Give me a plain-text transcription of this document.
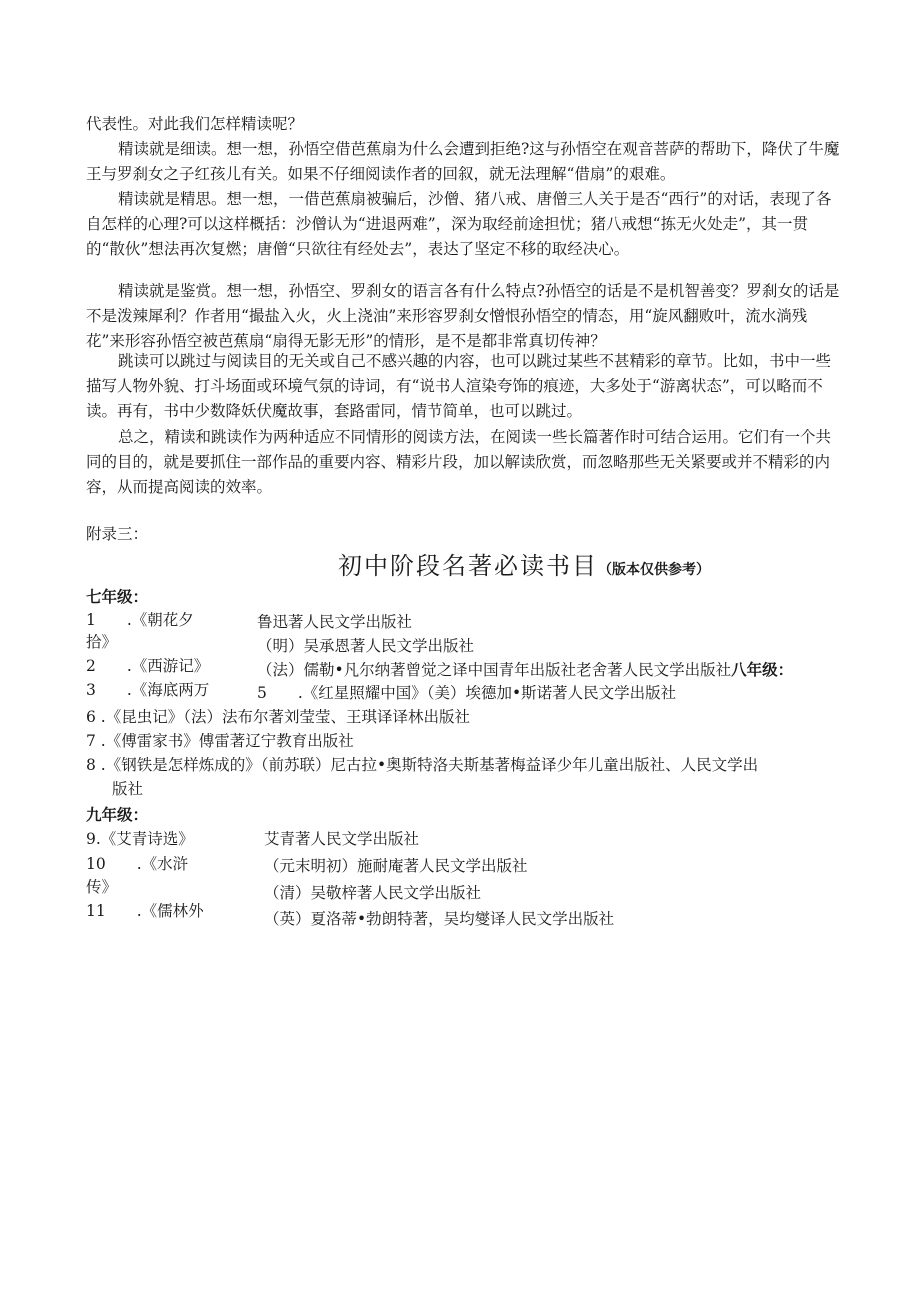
代表性。对此我们怎样精读呢？

精读就是细读。想一想，孙悟空借芭蕉扇为什么会遭到拒绝?这与孙悟空在观音菩萨的帮助下，降伏了牛魔王与罗刹女之子红孩儿有关。如果不仔细阅读作者的回叙，就无法理解“借扇”的艰难。

精读就是精思。想一想，一借芭蕉扇被骗后，沙僧、猪八戒、唐僧三人关于是否“西行”的对话，表现了各自怎样的心理?可以这样概括：沙僧认为“进退两难”，深为取经前途担忧；猪八戒想“拣无火处走”，其一贯的“散伙”想法再次复燃；唐僧“只欲往有经处去”，表达了坚定不移的取经决心。

精读就是鉴赏。想一想，孙悟空、罗刹女的语言各有什么特点?孙悟空的话是不是机智善变？罗刹女的话是不是泼辣犀利？作者用“撮盐入火，火上浇油”来形容罗刹女憎恨孙悟空的情态，用“旋风翻败叶，流水淌残花”来形容孙悟空被芭蕉扇“扇得无影无形”的情形，是不是都非常真切传神？

跳读可以跳过与阅读目的无关或自己不感兴趣的内容，也可以跳过某些不甚精彩的章节。比如，书中一些描写人物外貌、打斗场面或环境气氛的诗词，有“说书人渲染夸饰的痕迹，大多处于“游离状态”，可以略而不读。再有，书中少数降妖伏魔故事，套路雷同，情节简单，也可以跳过。

总之，精读和跳读作为两种适应不同情形的阅读方法，在阅读一些长篇著作时可结合运用。它们有一个共同的目的，就是要抓住一部作品的重要内容、精彩片段，加以解读欣赏，而忽略那些无关紧要或并不精彩的内容，从而提高阅读的效率。

附录三：

初中阶段名著必读书目（版本仅供参考）

七年级：

1　　.《朝花夕

拾》

2　　.《西游记》

3　　.《海底两万

鲁迅著人民文学出版社

（明）吴承恩著人民文学出版社

（法）儒勒•凡尔纳著曾觉之译中国青年出版社老舍著人民文学出版社八年级：

5　　.《红星照耀中国》（美）埃德加•斯诺著人民文学出版社

6 .《昆虫记》（法）法布尔著刘莹莹、王琪译译林出版社

7 .《傅雷家书》傅雷著辽宁教育出版社

8 .《钢铁是怎样炼成的》（前苏联）尼古拉•奥斯特洛夫斯基著梅益译少年儿童出版社、人民文学出

版社

九年级：

9.《艾青诗选》

10　　.《水浒

传》

11　　.《儒林外

艾青著人民文学出版社

（元末明初）施耐庵著人民文学出版社

（清）吴敬梓著人民文学出版社

（英）夏洛蒂•勃朗特著，吴均燮译人民文学出版社
